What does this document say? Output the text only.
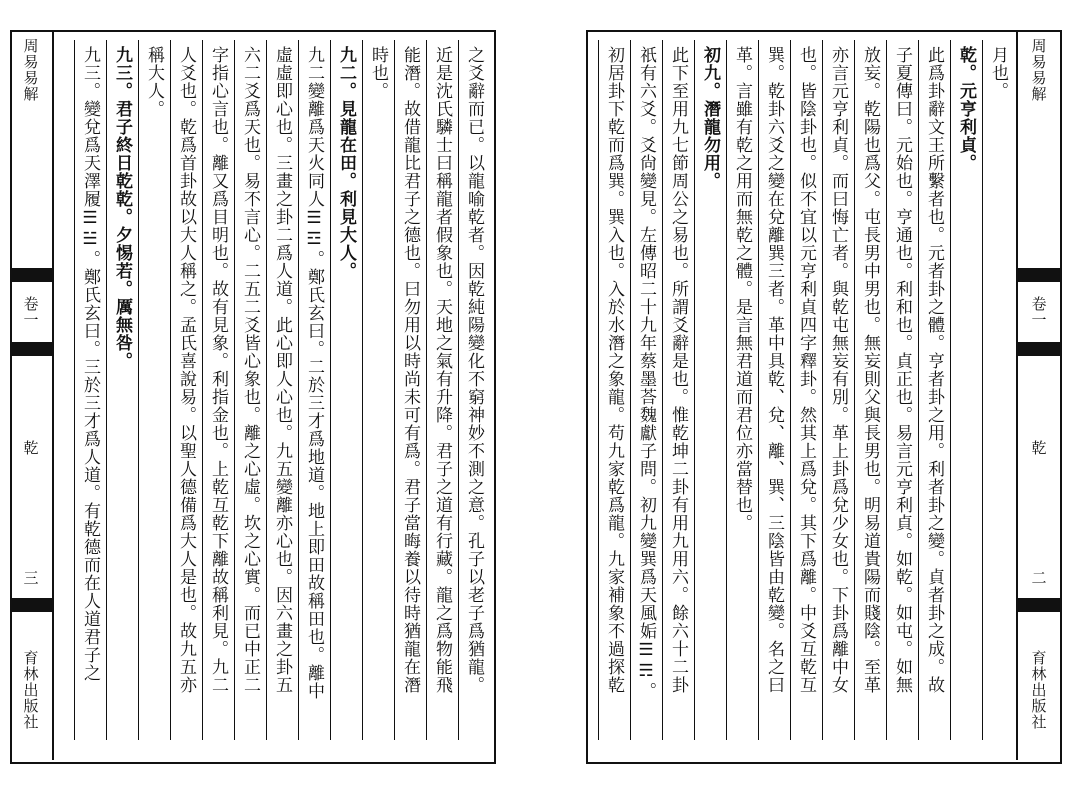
周易易解
卷一
乾
三
育林出版社	之爻辭而已。以龍喻乾者。因乾純陽變化不窮神妙不測之意。孔子以老子爲猶龍。
近是沈氏驎士曰稱龍者假象也。天地之氣有升降。君子之道有行藏。龍之爲物能飛
能潛。故借龍比君子之德也。曰勿用以時尚未可有爲。君子當晦養以待時猶龍在潛
時也。
九二。見龍在田。利見大人。
九二變離爲天火同人☰☲。鄭氏玄曰。二於三才爲地道。地上即田故稱田也。離中
虛虛即心也。三畫之卦二爲人道。此心即人心也。九五變離亦心也。因六畫之卦五
六二爻爲天也。易不言心。二五二爻皆心象也。離之心虛。坎之心實。而已中正二
字指心言也。離又爲目明也。故有見象。利指金也。上乾互乾下離故稱利見。九二
人爻也。乾爲首卦故以大人稱之。孟氏喜說易。以聖人德備爲大人是也。故九五亦
稱大人。
九三。君子終日乾乾。夕惕若。厲無咎。
九三。變兌爲天澤履☰☱。鄭氏玄曰。三於三才爲人道。有乾德而在人道君子之	周易易解
卷一
乾
二
育林出版社
月也。
乾。元亨利貞。
此爲卦辭文王所繫者也。元者卦之體。亨者卦之用。利者卦之變。貞者卦之成。故
子夏傳曰。元始也。亨通也。利和也。貞正也。易言元亨利貞。如乾。如屯。如無
放妄。乾陽也爲父。屯長男中男也。無妄則父與長男也。明易道貴陽而賤陰。至革
亦言元亨利貞。而曰悔亡者。與乾屯無妄有別。革上卦爲兌少女也。下卦爲離中女
也。皆陰卦也。似不宜以元亨利貞四字釋卦。然其上爲兌。其下爲離。中爻互乾互
巽。乾卦六爻之變在兌離巽三者。革中具乾、兌、離、巽、三陰皆由乾變。名之曰
革。言雖有乾之用而無乾之體。是言無君道而君位亦當替也。
初九。潛龍勿用。
此下至用九七節周公之易也。所謂爻辭是也。惟乾坤二卦有用九用六。餘六十二卦
祇有六爻。爻尙變見。左傳昭二十九年蔡墨荅魏獻子問。初九變巽爲天風姤☰☴。
初居卦下乾而爲巽。巽入也。入於水潛之象龍。苟九家乾爲龍。九家補象不過探乾
